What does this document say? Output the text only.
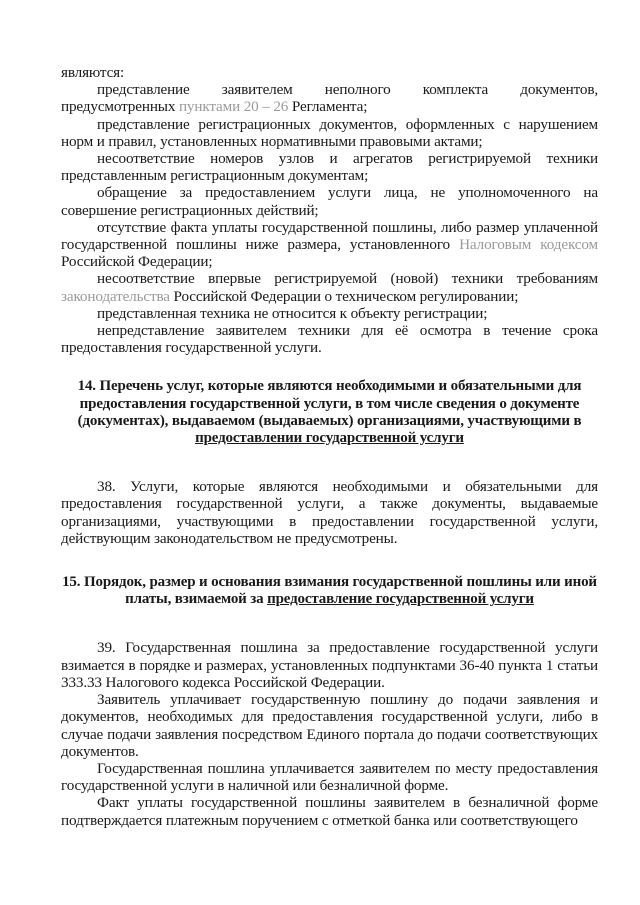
являются:

представление заявителем неполного комплекта документов, предусмотренных пунктами 20 – 26 Регламента;

представление регистрационных документов, оформленных с нарушением норм и правил, установленных нормативными правовыми актами;

несоответствие номеров узлов и агрегатов регистрируемой техники представленным регистрационным документам;

обращение за предоставлением услуги лица, не уполномоченного на совершение регистрационных действий;

отсутствие факта уплаты государственной пошлины, либо размер уплаченной государственной пошлины ниже размера, установленного Налоговым кодексом Российской Федерации;

несоответствие впервые регистрируемой (новой) техники требованиям законодательства Российской Федерации о техническом регулировании;

представленная техника не относится к объекту регистрации;

непредставление заявителем техники для её осмотра в течение срока предоставления государственной услуги.

14. Перечень услуг, которые являются необходимыми и обязательными для предоставления государственной услуги, в том числе сведения о документе (документах), выдаваемом (выдаваемых) организациями, участвующими в предоставлении государственной услуги

38. Услуги, которые являются необходимыми и обязательными для предоставления государственной услуги, а также документы, выдаваемые организациями, участвующими в предоставлении государственной услуги, действующим законодательством не предусмотрены.

15. Порядок, размер и основания взимания государственной пошлины или иной платы, взимаемой за предоставление государственной услуги

39. Государственная пошлина за предоставление государственной услуги взимается в порядке и размерах, установленных подпунктами 36-40 пункта 1 статьи 333.33 Налогового кодекса Российской Федерации.

Заявитель уплачивает государственную пошлину до подачи заявления и документов, необходимых для предоставления государственной услуги, либо в случае подачи заявления посредством Единого портала до подачи соответствующих документов.

Государственная пошлина уплачивается заявителем по месту предоставления государственной услуги в наличной или безналичной форме.

Факт уплаты государственной пошлины заявителем в безналичной форме подтверждается платежным поручением с отметкой банка или соответствующего
